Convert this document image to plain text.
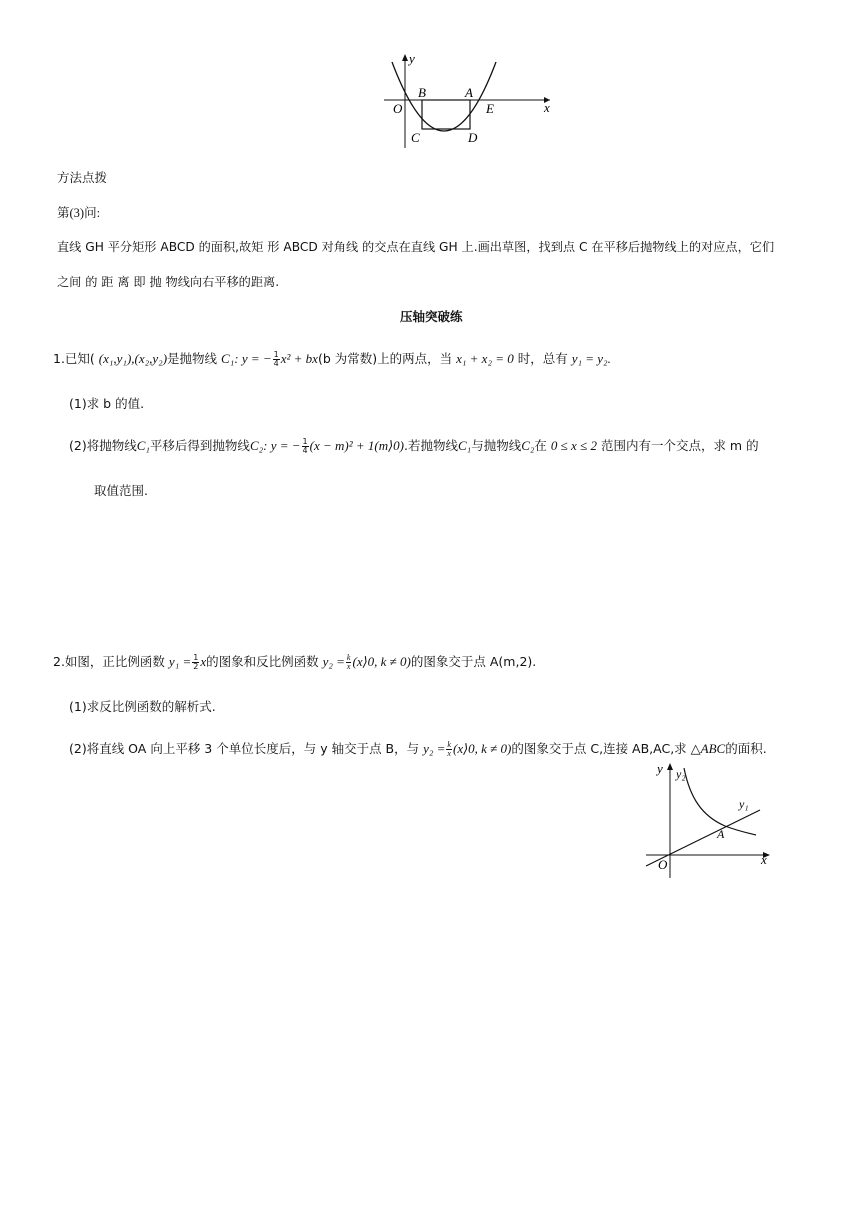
y
x
O
B	A
E
C	D
方法点拨
第(3)问:
直线 GH 平分矩形 ABCD 的面积,故矩 形 ABCD 对角线 的交点在直线 GH 上.画出草图，找到点 C 在平移后抛物线上的对应点，它们
之间 的 距 离 即 抛 物线向右平移的距离.
压轴突破练
1.已知( (x₁,y₁),(x₂,y₂)是抛物线 C₁: y = − $\frac{1}{4} x^2 + bx(b$ 为常数)上的两点，当 x₁ + x₂ = 0 时，总有 y₁ = y₂.
(1)求 b 的值.
(2)将抛物线C₁平移后得到抛物线C₂: y = − $\frac{1}{4} (x - m)^2$ + 1(m⟩0).若抛物线C₁与抛物线C₂在 0 ≤ x ≤ 2 范围内有一个交点，求 m 的
取值范围.
2.如图，正比例函数 $y_1 = \frac{1}{2}$ x的图象和反比例函数 $y_2 = \frac{k}{x}$ (x⟩0, k ≠ 0)的图象交于点 A(m,2).
(1)求反比例函数的解析式.
(2)将直线 OA 向上平移 3 个单位长度后，与 y 轴交于点 B，与 $y_2 = \frac{k}{x}$ (x⟩0, k ≠ 0)的图象交于点 C,连接 AB,AC,求 △ABC的面积.
y y₂
y₁
A
O	x
